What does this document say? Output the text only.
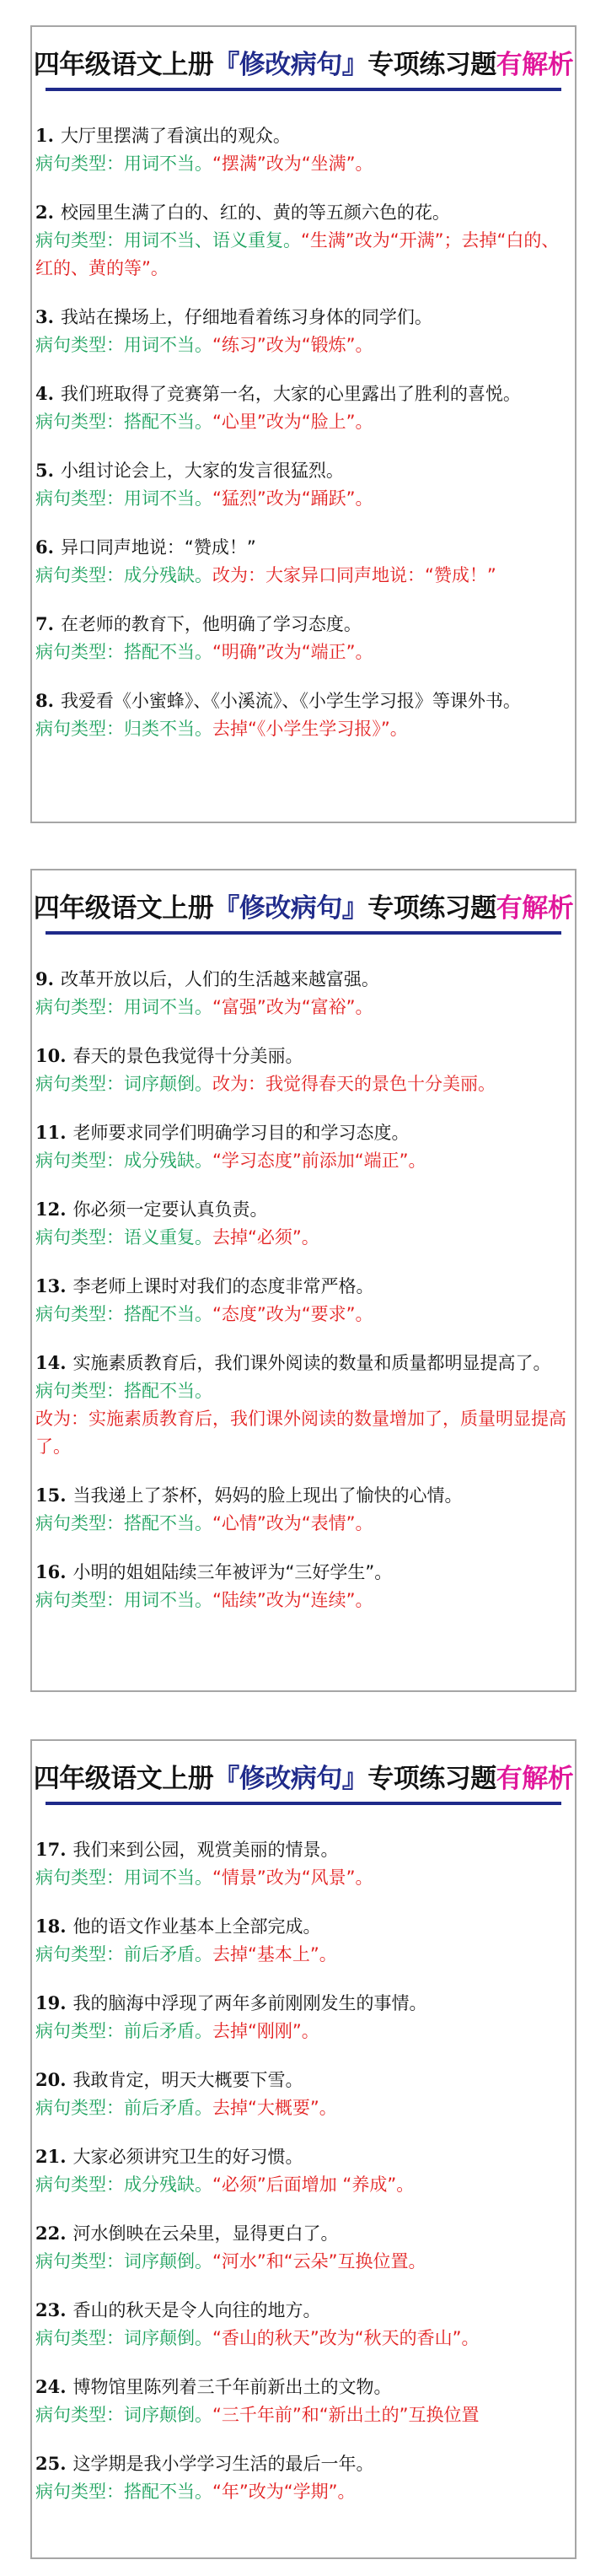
四年级语文上册 『修改病句』 专项练习题 有解析
1. 大厅里摆满了看演出的观众。
病句类型：用词不当。“摆满”改为“坐满”。
2. 校园里生满了白的、红的、黄的等五颜六色的花。
病句类型：用词不当、语义重复。“生满”改为“开满”；去掉“白的、 红的、黄的等”。
3. 我站在操场上，仔细地看着练习身体的同学们。
病句类型：用词不当。“练习”改为“锻炼”。
4. 我们班取得了竞赛第一名，大家的心里露出了胜利的喜悦。
病句类型：搭配不当。“心里”改为“脸上”。
5. 小组讨论会上，大家的发言很猛烈。
病句类型：用词不当。“猛烈”改为“踊跃”。
6. 异口同声地说：“赞成！”
病句类型：成分残缺。改为：大家异口同声地说：“赞成！”
7. 在老师的教育下，他明确了学习态度。
病句类型：搭配不当。“明确”改为“端正”。
8. 我爱看《小蜜蜂》、《小溪流》、《小学生学习报》等课外书。
病句类型：归类不当。去掉“《小学生学习报》”。
四年级语文上册 『修改病句』 专项练习题 有解析
9. 改革开放以后，人们的生活越来越富强。
病句类型：用词不当。“富强”改为“富裕”。
10. 春天的景色我觉得十分美丽。
病句类型：词序颠倒。改为：我觉得春天的景色十分美丽。
11. 老师要求同学们明确学习目的和学习态度。
病句类型：成分残缺。“学习态度”前添加“端正”。
12. 你必须一定要认真负责。
病句类型：语义重复。去掉“必须”。
13. 李老师上课时对我们的态度非常严格。
病句类型：搭配不当。“态度”改为“要求”。
14. 实施素质教育后，我们课外阅读的数量和质量都明显提高了。
病句类型：搭配不当。
改为：实施素质教育后，我们课外阅读的数量增加了，质量明显提高了。
15. 当我递上了茶杯，妈妈的脸上现出了愉快的心情。
病句类型：搭配不当。“心情”改为“表情”。
16. 小明的姐姐陆续三年被评为“三好学生”。
病句类型：用词不当。“陆续”改为“连续”。
四年级语文上册 『修改病句』 专项练习题 有解析
17. 我们来到公园，观赏美丽的情景。
病句类型：用词不当。“情景”改为“风景”。
18. 他的语文作业基本上全部完成。
病句类型：前后矛盾。去掉“基本上”。
19. 我的脑海中浮现了两年多前刚刚发生的事情。
病句类型：前后矛盾。去掉“刚刚”。
20. 我敢肯定，明天大概要下雪。
病句类型：前后矛盾。去掉“大概要”。
21. 大家必须讲究卫生的好习惯。
病句类型：成分残缺。“必须”后面增加 “养成”。
22. 河水倒映在云朵里，显得更白了。
病句类型：词序颠倒。“河水”和“云朵”互换位置。
23. 香山的秋天是令人向往的地方。
病句类型：词序颠倒。“香山的秋天”改为“秋天的香山”。
24. 博物馆里陈列着三千年前新出土的文物。
病句类型：词序颠倒。“三千年前”和“新出土的”互换位置
25. 这学期是我小学学习生活的最后一年。
病句类型：搭配不当。“年”改为“学期”。
